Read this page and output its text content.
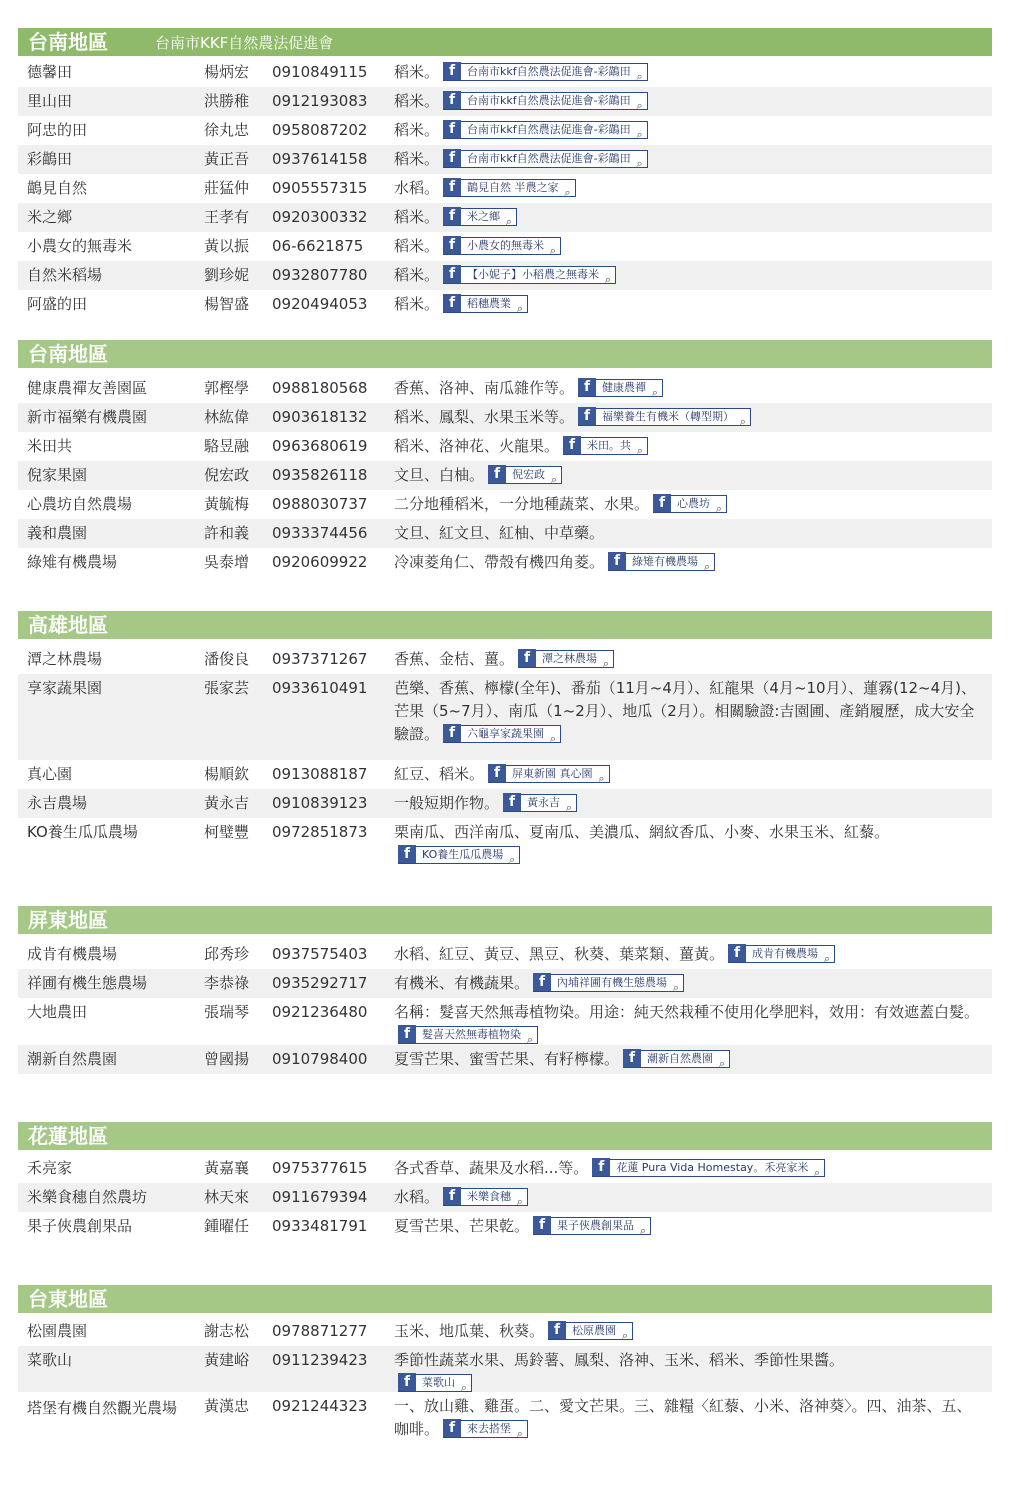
台南地區	台南市KKF自然農法促進會
德馨田	楊炳宏 0910849115 稻米。 f	台南市kkf自然農法促進會-彩鶓田 ⌕
里山田	洪勝稚 0912193083 稻米。 f	台南市kkf自然農法促進會-彩鶓田 ⌕
阿忠的田	徐丸忠 0958087202 稻米。 f	台南市kkf自然農法促進會-彩鶓田 ⌕
彩鶓田	黃正吾 0937614158 稻米。 f	台南市kkf自然農法促進會-彩鶓田 ⌕
鶓見自然	莊猛仲 0905557315 水稻。 f	鶓見自然 半農之家 ⌕
米之鄉	王孝有 0920300332 稻米。 f	米之鄉 ⌕
小農女的無毒米	黃以振 06-6621875 稻米。 f	小農女的無毒米 ⌕
自然米稻場	劉珍妮 0932807780 稻米。 f	【小妮子】小稻農之無毒米 ⌕
阿盛的田	楊智盛 0920494053 稻米。 f	稻穗農業 ⌕
台南地區
健康農禪友善園區	郭樫學 0988180568 香蕉、洛神、南瓜雜作等。 f	健康農禪 ⌕
新市福樂有機農園	林紘偉 0903618132 稻米、鳳梨、水果玉米等。 f	福樂養生有機米（轉型期） ⌕
米田共	駱昱融 0963680619 稻米、洛神花、火龍果。 f	米田。共 ⌕
倪家果園	倪宏政 0935826118 文旦、白柚。 f	倪宏政 ⌕
心農坊自然農場	黃毓梅 0988030737 二分地種稻米，一分地種蔬菜、水果。 f	心農坊 ⌕
義和農園	許和義 0933374456 文旦、紅文旦、紅柚、中草藥。
綠雉有機農場	吳泰增 0920609922 冷凍菱角仁、帶殼有機四角菱。 f	綠雉有機農場 ⌕
高雄地區
潭之林農場	潘俊良 0937371267 香蕉、金桔、薑。 f	潭之林農場 ⌕
享家蔬果園	張家芸 0933610491 芭樂、香蕉、檸檬(全年)、番茄（11月~4月）、紅龍果（4月~10月）、蓮霧(12~4月)、芒果（5~7月）、南瓜（1~2月）、地瓜（2月）。相關驗證:吉園圃、產銷履歷，成大安全驗證。 f	六龜享家蔬果園 ⌕
真心園	楊順欽 0913088187 紅豆、稻米。 f	屏東新園 真心園 ⌕
永吉農場	黃永吉 0910839123 一般短期作物。 f	黃永吉 ⌕
KO養生瓜瓜農場	柯璧豐 0972851873 栗南瓜、西洋南瓜、夏南瓜、美濃瓜、網紋香瓜、小麥、水果玉米、紅藜。

f	KO養生瓜瓜農場 ⌕
屏東地區
成肯有機農場	邱秀珍 0937575403 水稻、紅豆、黃豆、黑豆、秋葵、葉菜類、薑黃。 f	成肯有機農場 ⌕
祥圃有機生態農場	李恭祿 0935292717 有機米、有機蔬果。 f	內埔祥圃有機生態農場 ⌕
大地農田	張瑞琴 0921236480 名稱：髮喜天然無毒植物染。用途：純天然栽種不使用化學肥料，效用：有效遮蓋白髮。
f	髮喜天然無毒植物染 ⌕
潮新自然農園	曾國揚 0910798400 夏雪芒果、蜜雪芒果、有籽檸檬。 f	潮新自然農園 ⌕
花蓮地區
禾亮家	黃嘉襄 0975377615 各式香草、蔬果及水稻...等。 f	花蓮 Pura Vida Homestay。禾亮家米 ⌕
米樂食穗自然農坊	林天來 0911679394 水稻。 f	米樂食穗 ⌕
果子俠農創果品	鍾曜任 0933481791 夏雪芒果、芒果乾。 f	果子俠農創果品 ⌕
台東地區
松園農園	謝志松 0978871277 玉米、地瓜葉、秋葵。 f	松原農園 ⌕
菜歌山	黃建峪 0911239423 季節性蔬菜水果、馬鈴薯、鳳梨、洛神、玉米、稻米、季節性果醬。

f	菜歌山 ⌕
塔堡有機自然觀光農場	黃漢忠 0921244323 一、放山雞、雞蛋。二、愛文芒果。三、雜糧〈紅藜、小米、洛神葵〉。四、油茶、五、咖啡。 f	來去搭堡 ⌕
